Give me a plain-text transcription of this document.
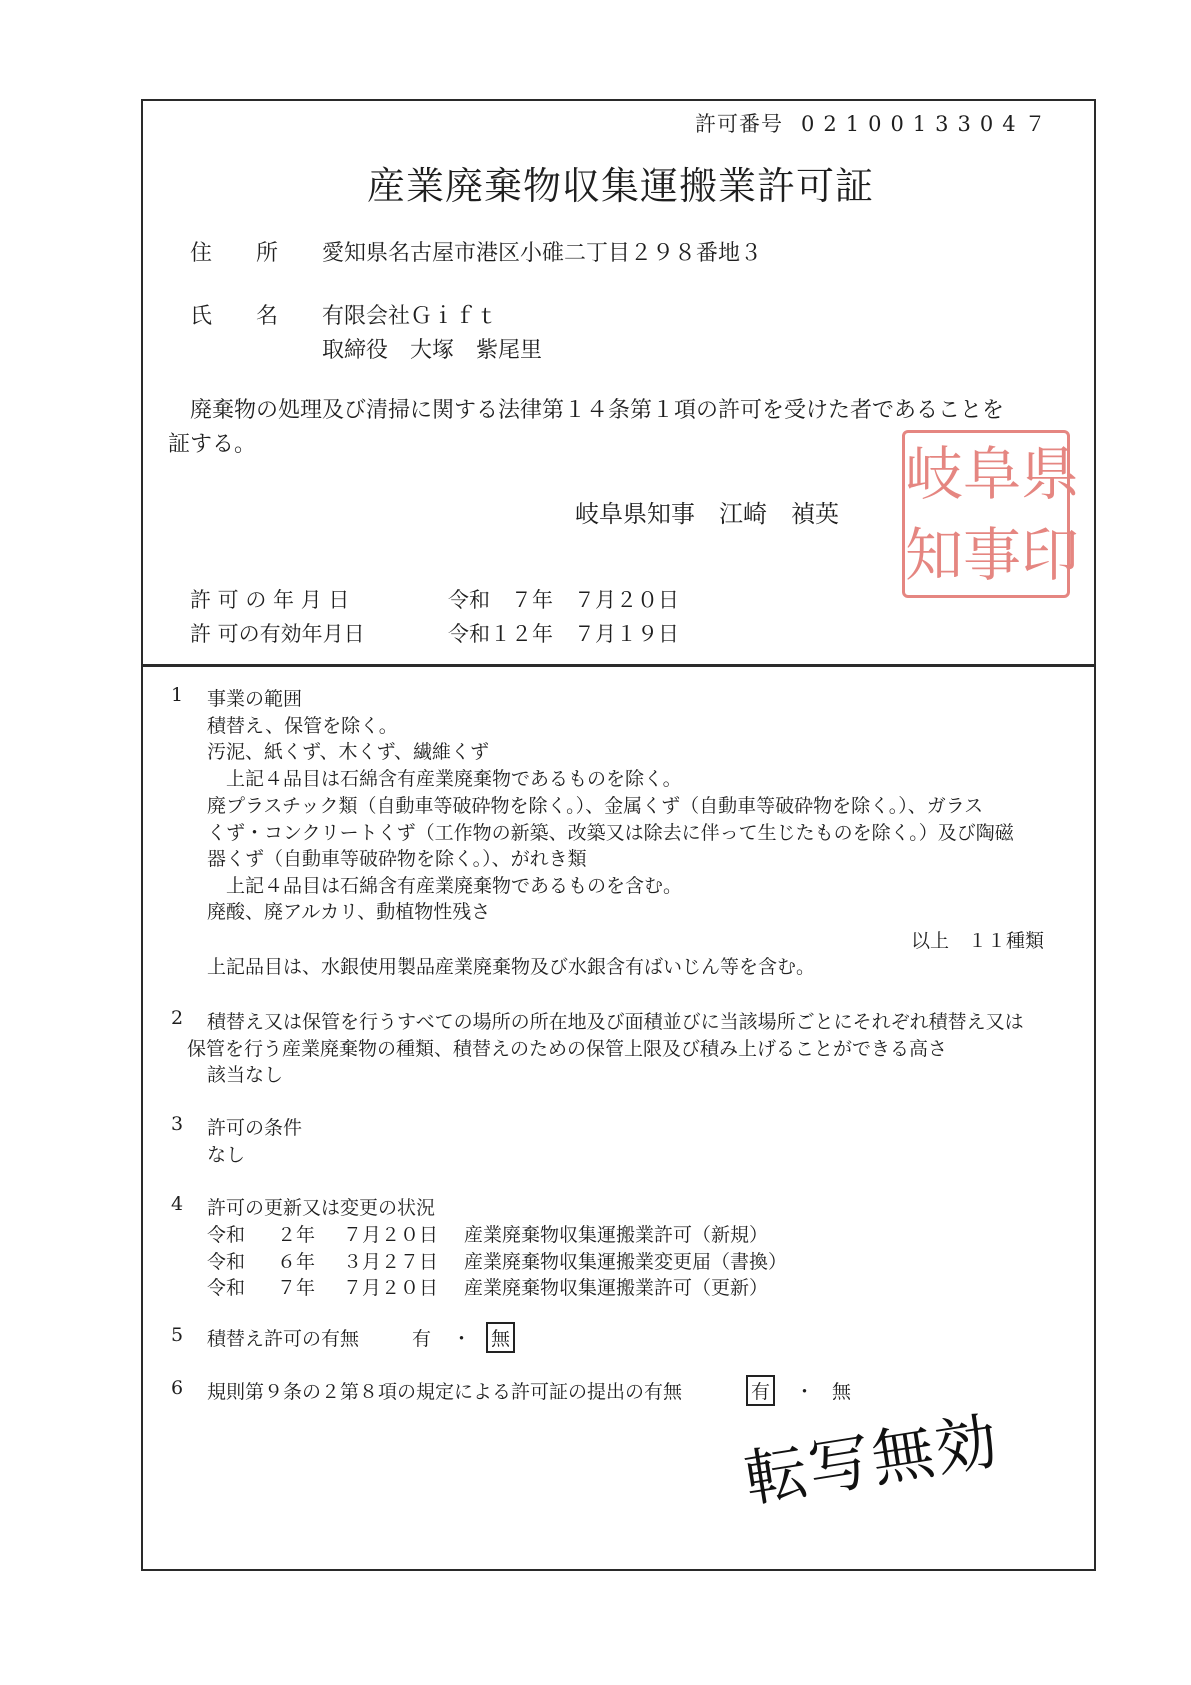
許可番号 0210013304７
産業廃棄物収集運搬業許可証
住　　所 愛知県名古屋市港区小碓二丁目２９８番地３
氏　　名 有限会社Ｇｉｆｔ
取締役　大塚　紫尾里
　廃棄物の処理及び清掃に関する法律第１４条第１項の許可を受けた者であることを
証する。
岐阜県知事　江崎　禎英
岐 阜 県
知 事 印
許 可 の 年 月 日	令和　７年　７月２０日
許 可の有効年月日	令和１２年　７月１９日
1 事業の範囲
積替え、保管を除く。
汚泥、紙くず、木くず、繊維くず
　上記４品目は石綿含有産業廃棄物であるものを除く。
廃プラスチック類（自動車等破砕物を除く。）、金属くず（自動車等破砕物を除く。）、ガラス
くず・コンクリートくず（工作物の新築、改築又は除去に伴って生じたものを除く。）及び陶磁
器くず（自動車等破砕物を除く。）、がれき類
　上記４品目は石綿含有産業廃棄物であるものを含む。
廃酸、廃アルカリ、動植物性残さ
以上　１１種類
上記品目は、水銀使用製品産業廃棄物及び水銀含有ばいじん等を含む。
2 積替え又は保管を行うすべての場所の所在地及び面積並びに当該場所ごとにそれぞれ積替え又は
保管を行う産業廃棄物の種類、積替えのための保管上限及び積み上げることができる高さ
該当なし
3 許可の条件
なし
4 許可の更新又は変更の状況
令和 ２年 ７月２０日 産業廃棄物収集運搬業許可（新規）
令和 ６年 ３月２７日 産業廃棄物収集運搬業変更届（書換）
令和 ７年 ７月２０日 産業廃棄物収集運搬業許可（更新）
5 積替え許可の有無	有 ・ 無
6 規則第９条の２第８項の規定による許可証の提出の有無	有 ・ 無
転写無効
